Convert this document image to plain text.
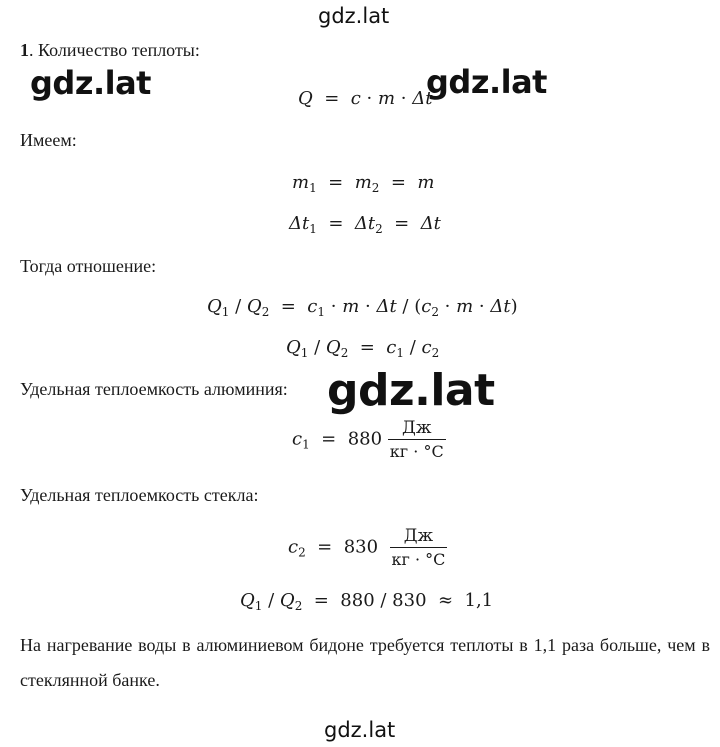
gdz.lat
gdz.lat	gdz.lat
1. Количество теплоты:
Q  =  c · m · Δt
Имеем:
$m_1 = m_2 = m$
$\Delta t_1 = \Delta t_2 = \Delta t$
Тогда отношение:
$Q_1 / Q_2 = c_1 \cdot m \cdot \Delta t / (c_2 \cdot m \cdot \Delta t)$
$Q_1 / Q_2 = c_1 / c_2$
Удельная теплоемкость алюминия: gdz.lat
$c_1 = 880 \frac{Дж}{кг \cdot ^\circ C}$
Удельная теплоемкость стекла:
$c_2 = 830 \frac{Дж}{кг \cdot ^\circ C}$
$Q_1 / Q_2 = 880 / 830 \approx 1,1$
На нагревание воды в алюминиевом бидоне требуется теплоты в 1,1 раза больше, чем в стеклянной банке.
gdz.lat
